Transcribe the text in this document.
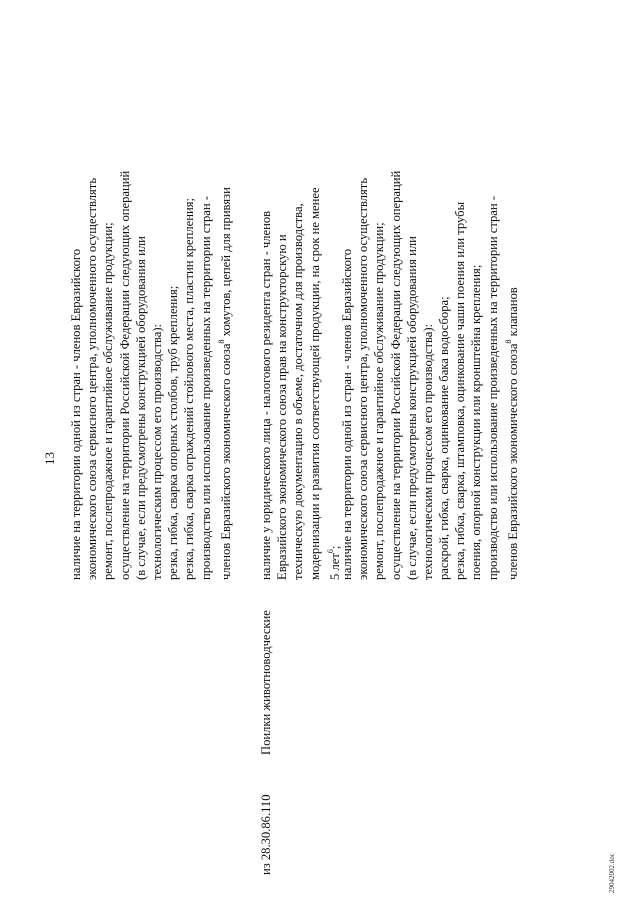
13
из 28.30.86.110
Поилки животноводческие
наличие на территории одной из стран - членов Евразийского экономического союза сервисного центра, уполномоченного осуществлять ремонт, послепродажное и гарантийное обслуживание продукции; осуществление на территории Российской Федерации следующих операций (в случае, если предусмотрены конструкцией оборудования или технологическим процессом его производства): резка, гибка, сварка опорных столбов, труб крепления; резка, гибка, сварка ограждений стойлового места, пластин крепления; производство или использование произведенных на территории стран - членов Евразийского экономического союза$^8$ хомутов, цепей для привязи наличие у юридического лица - налогового резидента стран - членов Евразийского экономического союза прав на конструкторскую и техническую документацию в объеме, достаточном для производства, модернизации и развития соответствующей продукции, на срок не менее 5 лет$^6$;
наличие на территории одной из стран - членов Евразийского экономического союза сервисного центра, уполномоченного осуществлять ремонт, послепродажное и гарантийное обслуживание продукции; осуществление на территории Российской Федерации следующих операций (в случае, если предусмотрены конструкцией оборудования или технологическим процессом его производства): раскрой, гибка, сварка, оцинкование бака водосбора; резка, гибка, сварка, штамповка, оцинкование чаши поения или трубы поения, опорной конструкции или кронштейна крепления; производство или использование произведенных на территории стран - членов Евразийского экономического союза$^8$ клапанов
29042002.doc
